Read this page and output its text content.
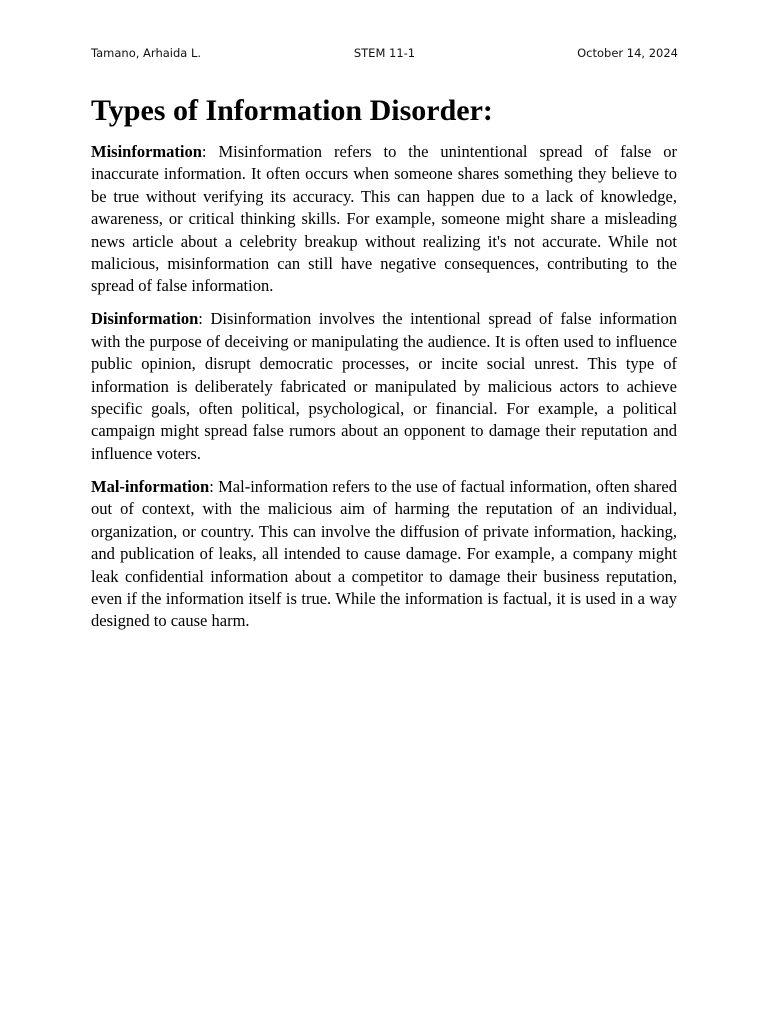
STEM 11-1
Tamano, Arhaida L.	October 14, 2024
Types of Information Disorder:

Misinformation: Misinformation refers to the unintentional spread of false or inaccurate information. It often occurs when someone shares something they believe to be true without verifying its accuracy. This can happen due to a lack of knowledge, awareness, or critical thinking skills. For example, someone might share a misleading news article about a celebrity breakup without realizing it's not accurate. While not malicious, misinformation can still have negative consequences, contributing to the spread of false information.

Disinformation: Disinformation involves the intentional spread of false information with the purpose of deceiving or manipulating the audience. It is often used to influence public opinion, disrupt democratic processes, or incite social unrest. This type of information is deliberately fabricated or manipulated by malicious actors to achieve specific goals, often political, psychological, or financial. For example, a political campaign might spread false rumors about an opponent to damage their reputation and influence voters.

Mal-information: Mal-information refers to the use of factual information, often shared out of context, with the malicious aim of harming the reputation of an individual, organization, or country. This can involve the diffusion of private information, hacking, and publication of leaks, all intended to cause damage. For example, a company might leak confidential information about a competitor to damage their business reputation, even if the information itself is true. While the information is factual, it is used in a way designed to cause harm.
